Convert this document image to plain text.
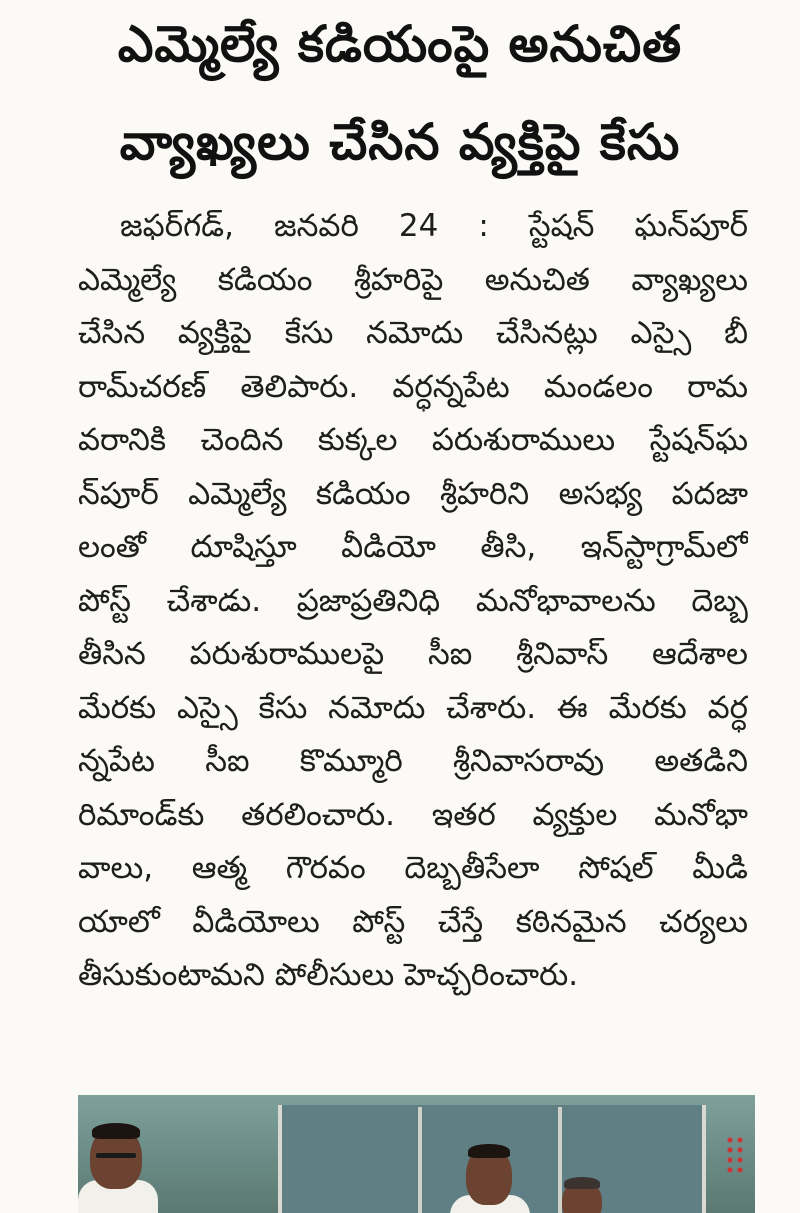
ఎమ్మెల్యే కడియంపై అనుచిత
వ్యాఖ్యలు చేసిన వ్యక్తిపై కేసు
జఫర్‌గడ్, జనవరి 24 : స్టేషన్ ఘన్‌పూర్
ఎమ్మెల్యే కడియం శ్రీహరిపై అనుచిత వ్యాఖ్యలు
చేసిన వ్యక్తిపై కేసు నమోదు చేసినట్లు ఎస్సై బీ
రామ్‌చరణ్ తెలిపారు. వర్ధన్నపేట మండలం రామ
వరానికి చెందిన కుక్కల పరుశురాములు స్టేషన్‌ఘ
న్‌పూర్ ఎమ్మెల్యే కడియం శ్రీహరిని అసభ్య పదజా
లంతో దూషిస్తూ వీడియో తీసి, ఇన్‌స్టాగ్రామ్‌లో
పోస్ట్ చేశాడు. ప్రజాప్రతినిధి మనోభావాలను దెబ్బ
తీసిన పరుశురాములపై సీఐ శ్రీనివాస్ ఆదేశాల
మేరకు ఎస్సై కేసు నమోదు చేశారు. ఈ మేరకు వర్ధ
న్నపేట సీఐ కొమ్మూరి శ్రీనివాసరావు అతడిని
రిమాండ్‌కు తరలించారు. ఇతర వ్యక్తుల మనోభా
వాలు, ఆత్మ గౌరవం దెబ్బతీసేలా సోషల్ మీడి
యాలో వీడియోలు పోస్ట్ చేస్తే కఠినమైన చర్యలు
తీసుకుంటామని పోలీసులు హెచ్చరించారు.
